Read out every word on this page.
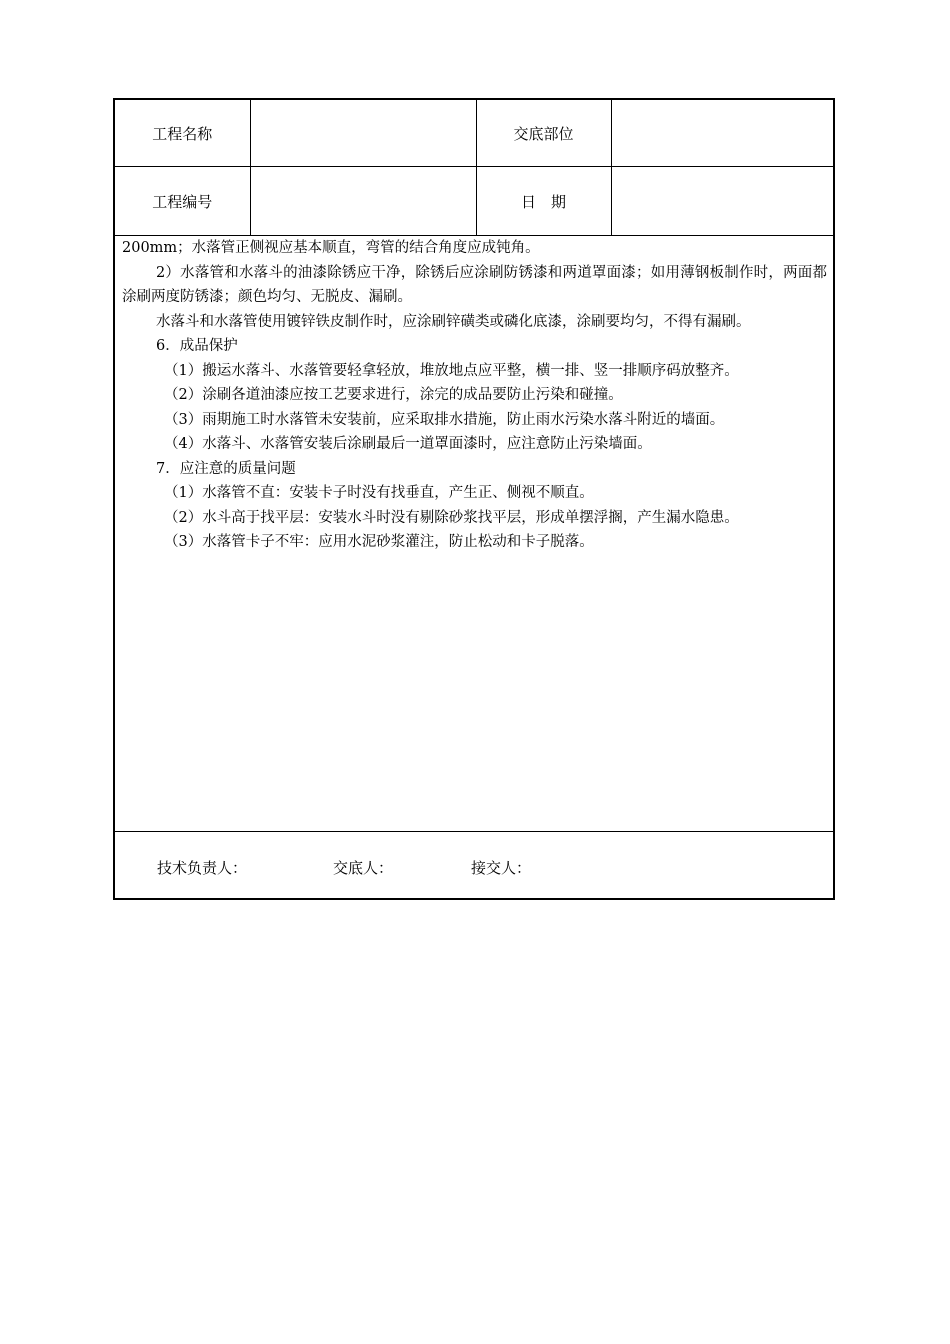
工程名称		交底部位	
工程编号		日　期	

200mm；水落管正侧视应基本顺直，弯管的结合角度应成钝角。

2）水落管和水落斗的油漆除锈应干净，除锈后应涂刷防锈漆和两道罩面漆；如用薄钢板制作时，两面都涂刷两度防锈漆；颜色均匀、无脱皮、漏刷。

水落斗和水落管使用镀锌铁皮制作时，应涂刷锌磺类或磷化底漆，涂刷要均匀，不得有漏刷。

6．成品保护

（1）搬运水落斗、水落管要轻拿轻放，堆放地点应平整，横一排、竖一排顺序码放整齐。

（2）涂刷各道油漆应按工艺要求进行，涂完的成品要防止污染和碰撞。

（3）雨期施工时水落管未安装前，应采取排水措施，防止雨水污染水落斗附近的墙面。

（4）水落斗、水落管安装后涂刷最后一道罩面漆时，应注意防止污染墙面。

7．应注意的质量问题

（1）水落管不直：安装卡子时没有找垂直，产生正、侧视不顺直。

（2）水斗高于找平层：安装水斗时没有剔除砂浆找平层，形成单摆浮搁，产生漏水隐患。

（3）水落管卡子不牢：应用水泥砂浆灌注，防止松动和卡子脱落。

技术负责人：	交底人：	接交人：
